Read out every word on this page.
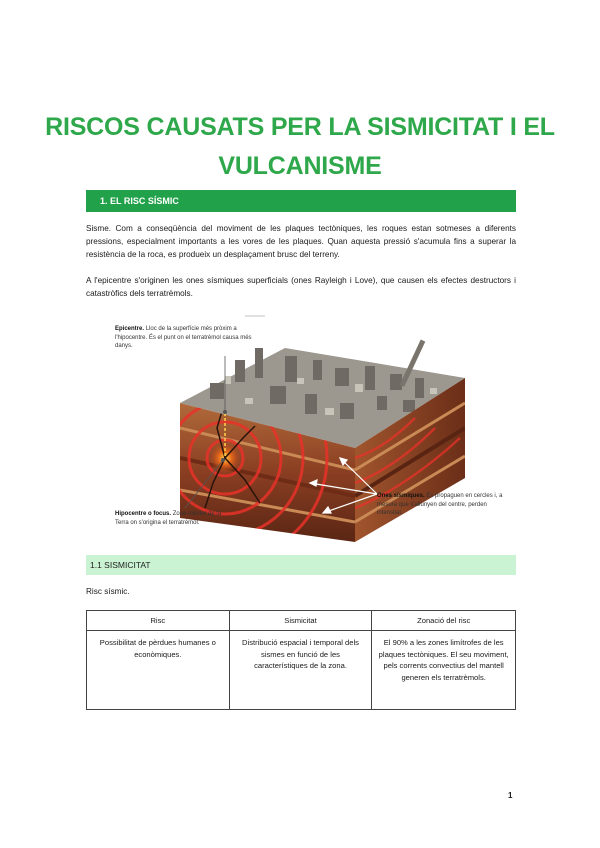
RISCOS CAUSATS PER LA SISMICITAT I EL
VULCANISME
1. EL RISC SÍSMIC

Sisme. Com a conseqüència del moviment de les plaques tectòniques, les roques estan sotmeses a diferents pressions, especialment importants a les vores de les plaques. Quan aquesta pressió s'acumula fins a superar la resistència de la roca, es produeix un desplaçament brusc del terreny.

A l'epicentre s'originen les ones sísmiques superficials (ones Rayleigh i Love), que causen els efectes destructors i catastròfics dels terratrèmols.

Epicentre. Lloc de la superfície més pròxim a l'hipocentre. És el punt on el terratrèmol causa més danys.
Hipocentre o focus. Zona interior de la Terra on s'origina el terratrèmol.
Ones sísmiques. Es propaguen en cercles i, a mesura que s'allunyen del centre, perden intensitat.
1.1 SISMICITAT
Risc sísmic.
Risc	Sismicitat	Zonació del risc
Possibilitat de pèrdues humanes o econòmiques.	Distribució espacial i temporal dels sismes en funció de les característiques de la zona.	El 90% a les zones limítrofes de les plaques tectòniques. El seu moviment, pels corrents convectius del mantell generen els terratrèmols.
1
